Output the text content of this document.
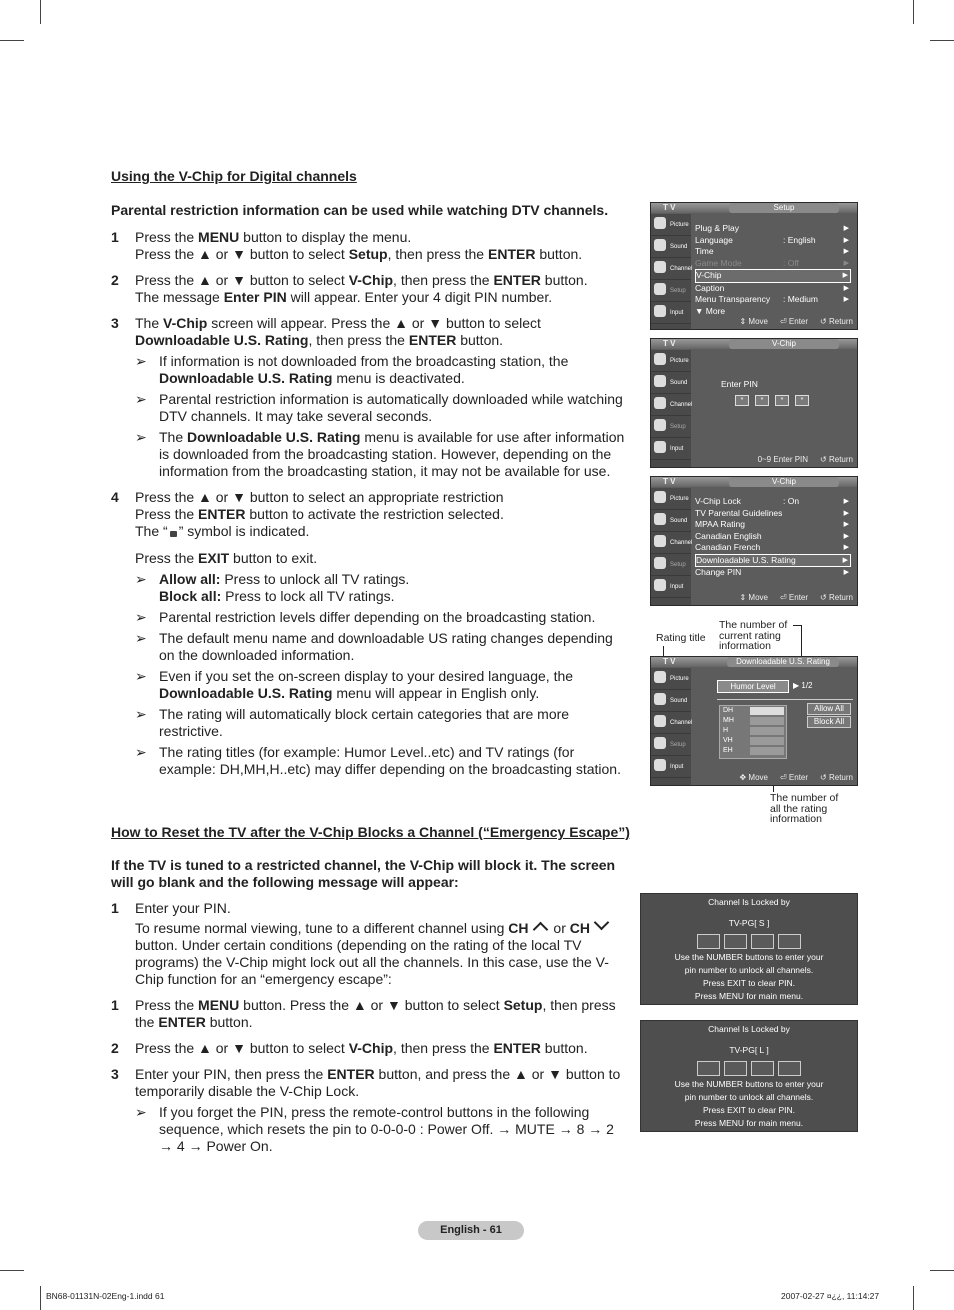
Using the V-Chip for Digital channels
Parental restriction information can be used while watching DTV channels.
1 Press the MENU button to display the menu.
Press the ▲ or ▼ button to select Setup, then press the ENTER button.
2 Press the ▲ or ▼ button to select V-Chip, then press the ENTER button.
The message Enter PIN will appear. Enter your 4 digit PIN number.
3 The V-Chip screen will appear. Press the ▲ or ▼ button to select Downloadable U.S. Rating, then press the ENTER button.
➢ If information is not downloaded from the broadcasting station, the Downloadable U.S. Rating menu is deactivated.
➢ Parental restriction information is automatically downloaded while watching DTV channels. It may take several seconds.
➢ The Downloadable U.S. Rating menu is available for use after information is downloaded from the broadcasting station. However, depending on the information from the broadcasting station, it may not be available for use.
4 Press the ▲ or ▼ button to select an appropriate restriction
Press the ENTER button to activate the restriction selected.
The “ ” symbol is indicated.
Press the EXIT button to exit.
➢ Allow all: Press to unlock all TV ratings.
Block all: Press to lock all TV ratings.
➢ Parental restriction levels differ depending on the broadcasting station.
➢ The default menu name and downloadable US rating changes depending on the downloaded information.
➢ Even if you set the on-screen display to your desired language, the Downloadable U.S. Rating menu will appear in English only.
➢ The rating will automatically block certain categories that are more restrictive.
➢ The rating titles (for example: Humor Level..etc) and TV ratings (for example: DH,MH,H..etc) may differ depending on the broadcasting station.
How to Reset the TV after the V-Chip Blocks a Channel (“Emergency Escape”)
If the TV is tuned to a restricted channel, the V-Chip will block it. The screen will go blank and the following message will appear:
1 Enter your PIN.
To resume normal viewing, tune to a different channel using CH or CH button. Under certain conditions (depending on the rating of the local TV programs) the V-Chip might lock out all the channels. In this case, use the V-Chip function for an “emergency escape”:
1 Press the MENU button. Press the ▲ or ▼ button to select Setup, then press the ENTER button.
2 Press the ▲ or ▼ button to select V-Chip, then press the ENTER button.
3 Enter your PIN, then press the ENTER button, and press the ▲ or ▼ button to temporarily disable the V-Chip Lock.
➢ If you forget the PIN, press the remote-control buttons in the following sequence, which resets the pin to 0-0-0-0 : Power Off. → MUTE → 8 → 2 → 4 → Power On.
T V	Setup
Picture
Sound
Channel
Setup
Input
Plug & Play	▶
Language	: English	▶
Time	▶
Game Mode	: Off	▶
V-Chip	▶
Caption	▶
Menu Transparency : Medium	▶
▼ More
⇕ Move ⏎ Enter ↺ Return
T V	V-Chip
Picture
Sound
Channel
Setup
Input
Enter PIN
* * * *
0~9 Enter PIN ↺ Return
T V	V-Chip
Picture
Sound
Channel
Setup
Input
V-Chip Lock	: On	▶
TV Parental Guidelines	▶
MPAA Rating	▶
Canadian English	▶
Canadian French	▶
Downloadable U.S. Rating	▶
Change PIN	▶
⇕ Move ⏎ Enter ↺ Return
Rating title
The number of
current rating
information
The number of
all the rating
information
T V	Downloadable U.S. Rating
Picture
Sound
Channel
Setup
Input
Humor Level	▶ 1/2
DH
MH
H
VH
EH
Allow All
Block All
✥ Move ⏎ Enter ↺ Return
Channel Is Locked by
TV-PG[ S ]
Use the NUMBER buttons to enter your
pin number to unlock all channels.
Press EXIT to clear PIN.
Press MENU for main menu.
Channel Is Locked by
TV-PG[ L ]
Use the NUMBER buttons to enter your
pin number to unlock all channels.
Press EXIT to clear PIN.
Press MENU for main menu.
English - 61
BN68-01131N-02Eng-1.indd 61	2007-02-27 ¤¿¿, 11:14:27
